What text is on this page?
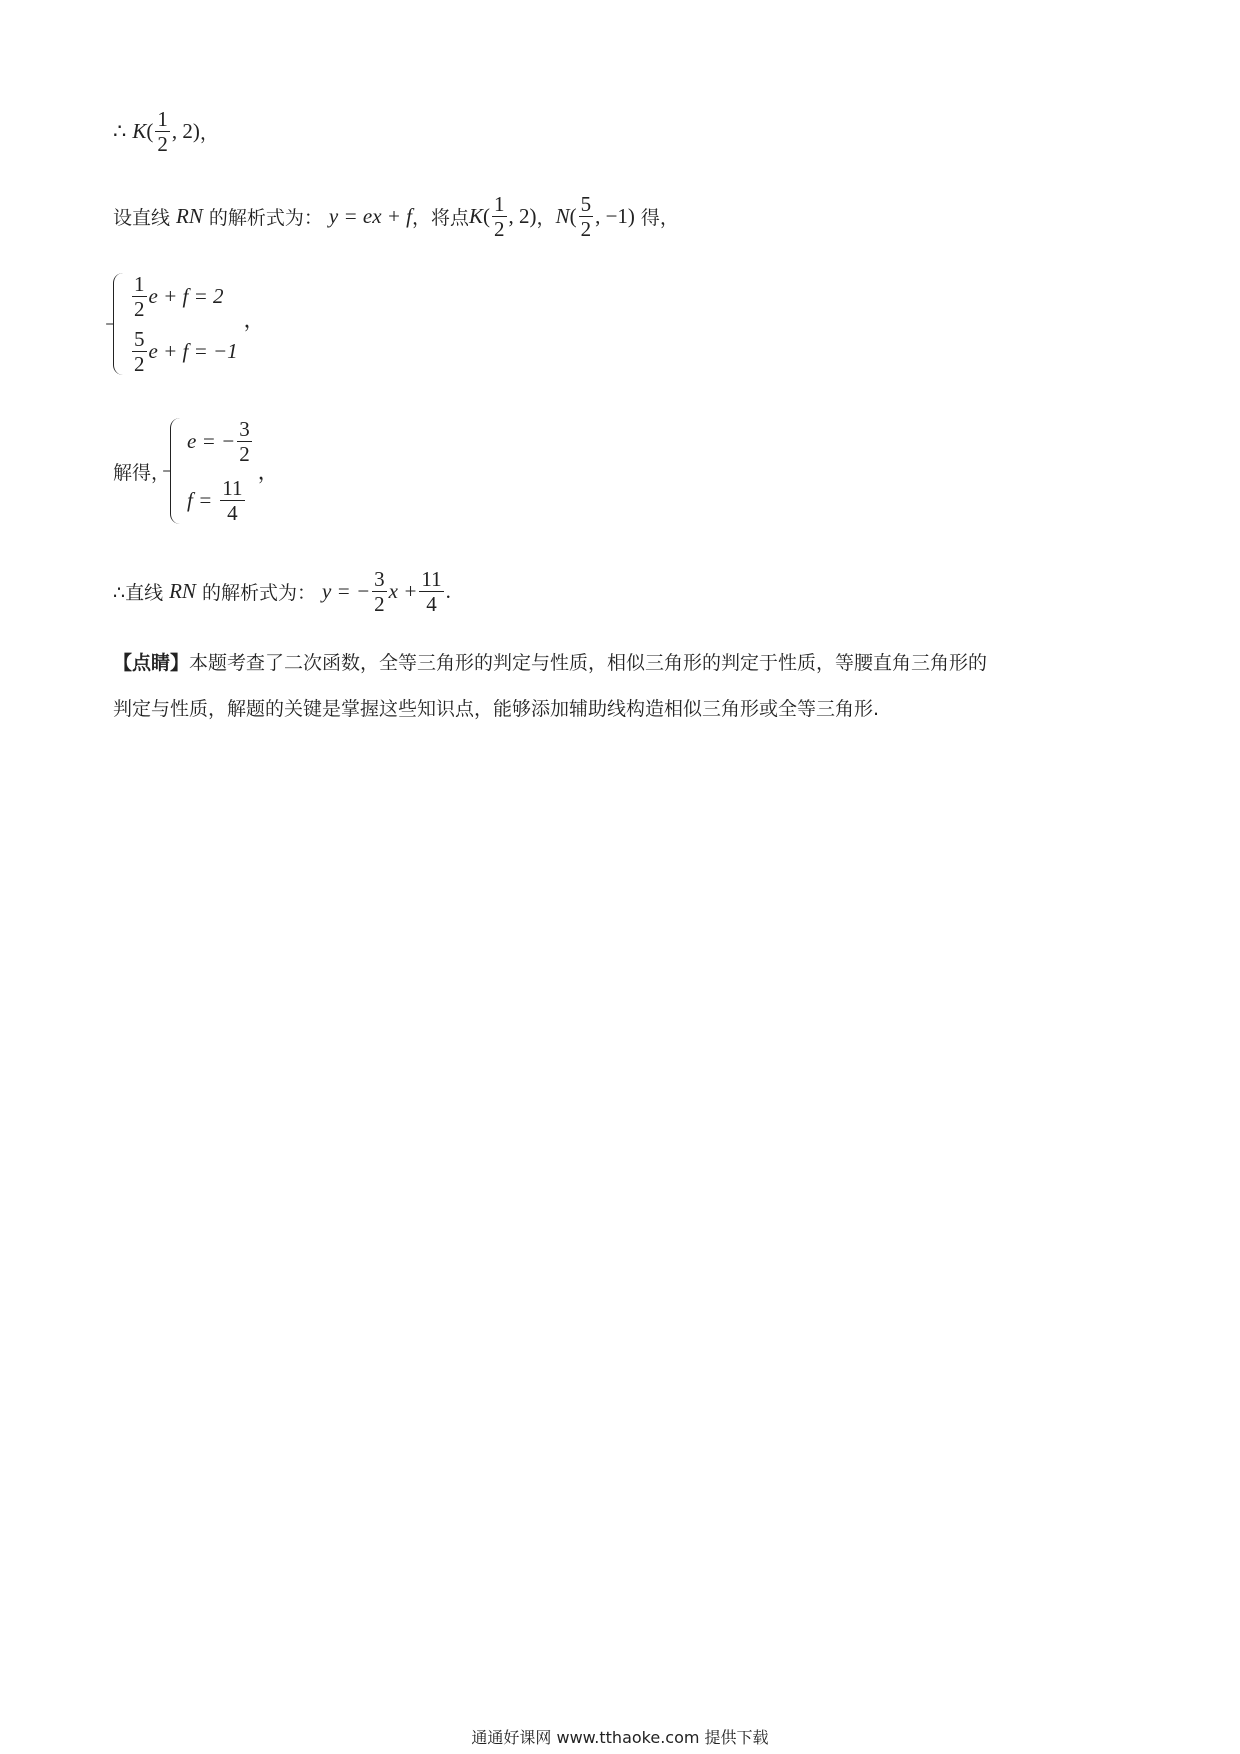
∴ K ( $\frac{1}{2}$ , 2) ，
设直线 RN 的解析式为： y = ex + f ，将点 K ( $\frac{1}{2}$ , 2) ， N ( $\frac{5}{2}$ , −1) 得，
$\frac{1}{2}$ e + f = 2
$\frac{5}{2}$ e + f = −1
，
解得，
e = − $\frac{3}{2}$
$f = \frac{11}{4}$
，
∴直线 RN 的解析式为： y = − $\frac{3}{2}$ $x + \frac{11}{4}$ .
【点睛】 本题考查了二次函数，全等三角形的判定与性质，相似三角形的判定于性质，等腰直角三角形的
判定与性质，解题的关键是掌握这些知识点，能够添加辅助线构造相似三角形或全等三角形.
通通好课网 www.tthaoke.com 提供下载
